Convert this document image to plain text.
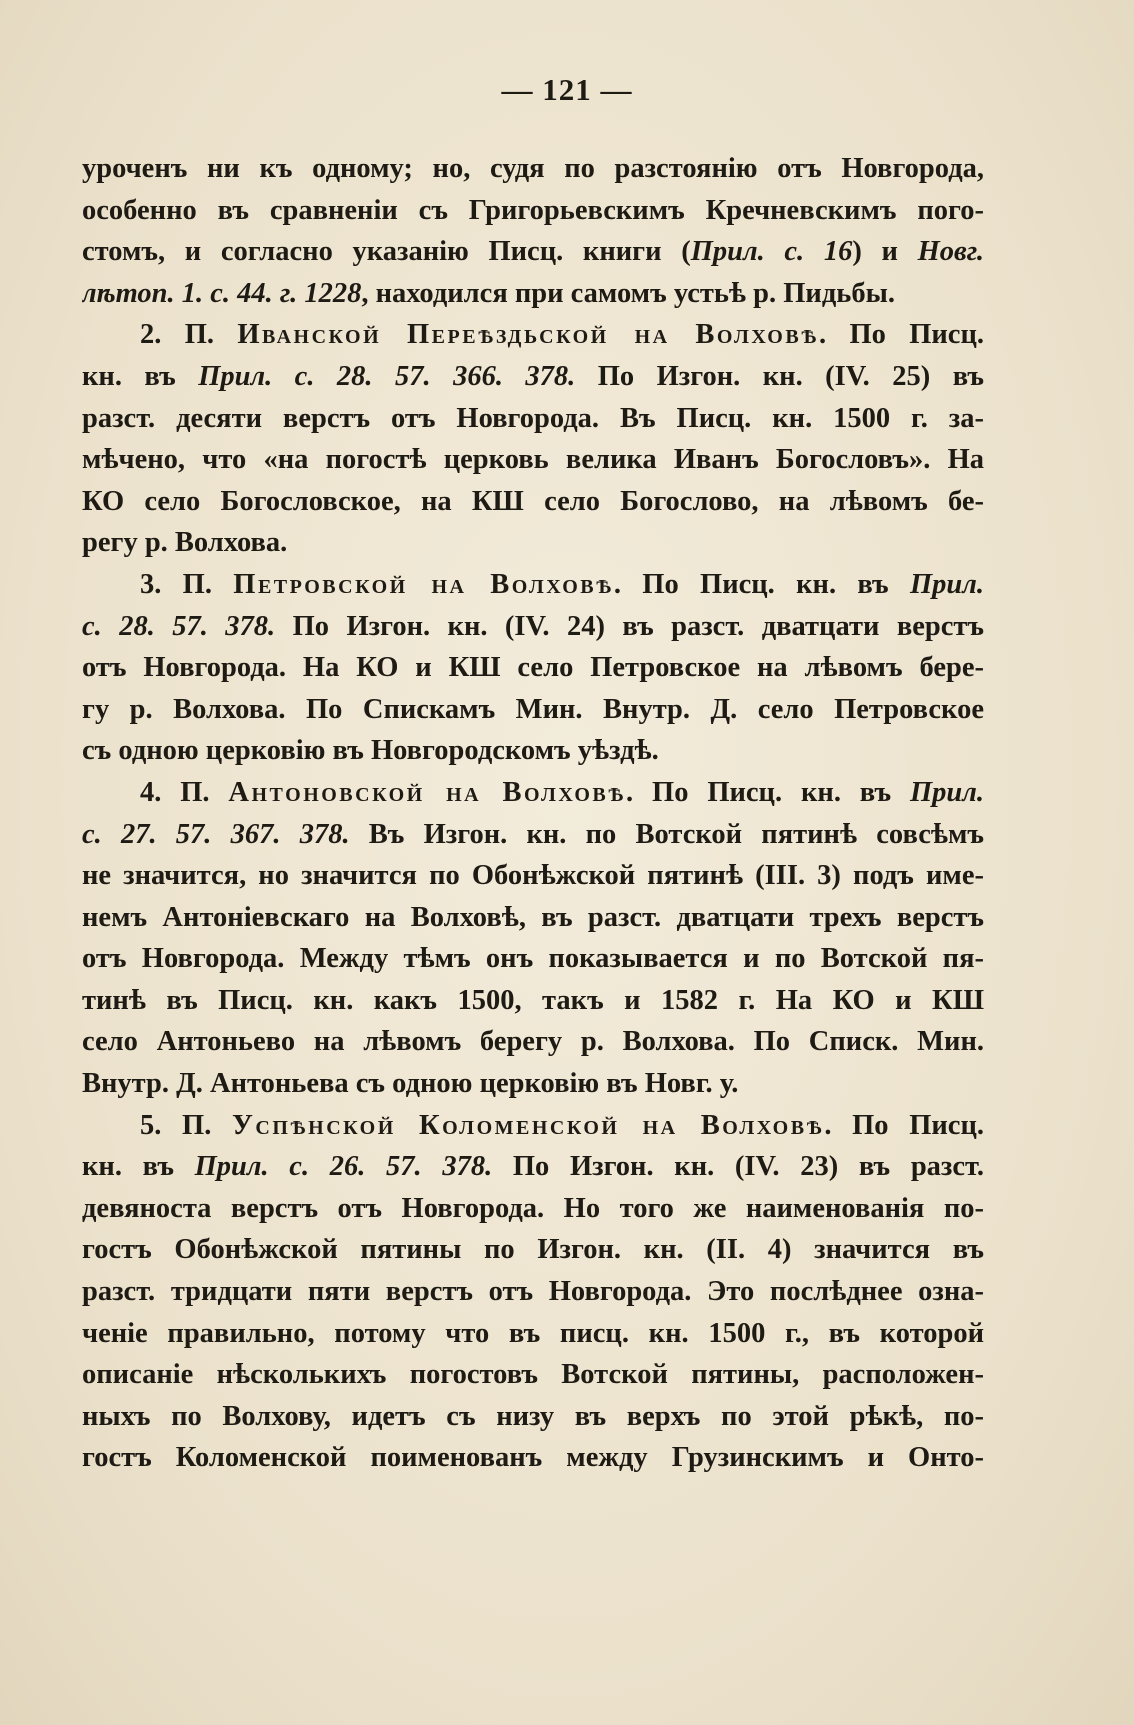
— 121 —
уроченъ ни къ одному; но, судя по разстоянію отъ Новгорода,
особенно въ сравненіи съ Григорьевскимъ Кречневскимъ пого-
стомъ, и согласно указанію Писц. книги (Прил. с. 16) и Новг.
лѣтоп. 1. с. 44. г. 1228, находился при самомъ устьѣ р. Пидьбы.
2. П. Иванской Переѣздьской на Волховѣ. По Писц.
кн. въ Прил. с. 28. 57. 366. 378. По Изгон. кн. (IV. 25) въ
разст. десяти верстъ отъ Новгорода. Въ Писц. кн. 1500 г. за-
мѣчено, что «на погостѣ церковь велика Иванъ Богословъ». На
КО село Богословское, на КШ село Богослово, на лѣвомъ бе-
регу р. Волхова.
3. П. Петровской на Волховѣ. По Писц. кн. въ Прил.
с. 28. 57. 378. По Изгон. кн. (IV. 24) въ разст. дватцати верстъ
отъ Новгорода. На КО и КШ село Петровское на лѣвомъ бере-
гу р. Волхова. По Спискамъ Мин. Внутр. Д. село Петровское
съ одною церковію въ Новгородскомъ уѣздѣ.
4. П. Антоновской на Волховѣ. По Писц. кн. въ Прил.
с. 27. 57. 367. 378. Въ Изгон. кн. по Вотской пятинѣ совсѣмъ
не значится, но значится по Обонѣжской пятинѣ (III. 3) подъ име-
немъ Антоніевскаго на Волховѣ, въ разст. дватцати трехъ верстъ
отъ Новгорода. Между тѣмъ онъ показывается и по Вотской пя-
тинѣ въ Писц. кн. какъ 1500, такъ и 1582 г. На КО и КШ
село Антоньево на лѣвомъ берегу р. Волхова. По Списк. Мин.
Внутр. Д. Антоньева съ одною церковію въ Новг. у.
5. П. Успѣнской Коломенской на Волховѣ. По Писц.
кн. въ Прил. с. 26. 57. 378. По Изгон. кн. (IV. 23) въ разст.
девяноста верстъ отъ Новгорода. Но того же наименованія по-
гостъ Обонѣжской пятины по Изгон. кн. (II. 4) значится въ
разст. тридцати пяти верстъ отъ Новгорода. Это послѣднее озна-
ченіе правильно, потому что въ писц. кн. 1500 г., въ которой
описаніе нѣсколькихъ погостовъ Вотской пятины, расположен-
ныхъ по Волхову, идетъ съ низу въ верхъ по этой рѣкѣ, по-
гостъ Коломенской поименованъ между Грузинскимъ и Онто-
